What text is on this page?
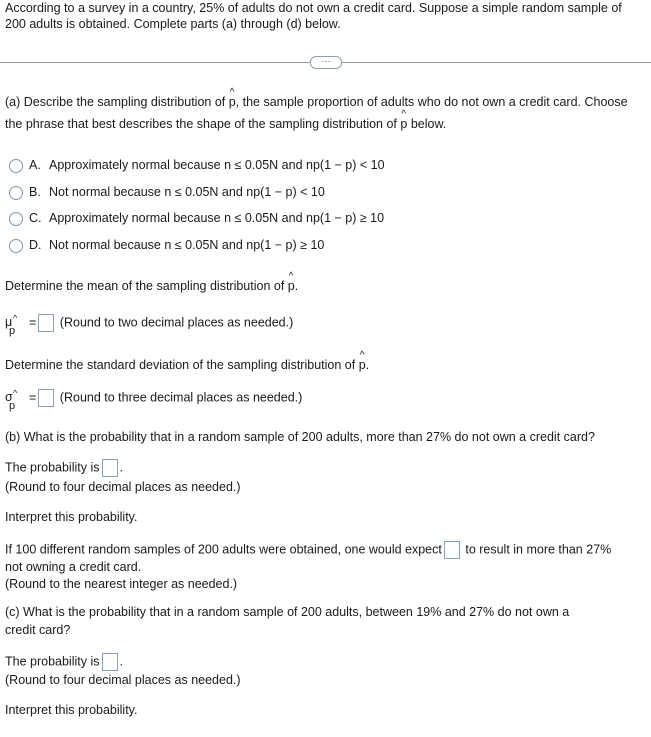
According to a survey in a country, 25% of adults do not own a credit card. Suppose a simple random sample of
200 adults is obtained. Complete parts (a) through (d) below.
···
(a) Describe the sampling distribution of ^ p, the sample proportion of adults who do not own a credit card. Choose
the phrase that best describes the shape of the sampling distribution of ^ p below.
A. Approximately normal because n ≤ 0.05N and np(1 − p) < 10
B. Not normal because n ≤ 0.05N and np(1 − p) < 10
C. Approximately normal because n ≤ 0.05N and np(1 − p) ≥ 10
D. Not normal because n ≤ 0.05N and np(1 − p) ≥ 10
Determine the mean of the sampling distribution of ^ p.
μ ^
p
= (Round to two decimal places as needed.)
Determine the standard deviation of the sampling distribution of ^ p.
σ ^
p
= (Round to three decimal places as needed.)
(b) What is the probability that in a random sample of 200 adults, more than 27% do not own a credit card?
The probability is .
(Round to four decimal places as needed.)
Interpret this probability.
If 100 different random samples of 200 adults were obtained, one would expect to result in more than 27%
not owning a credit card.
(Round to the nearest integer as needed.)
(c) What is the probability that in a random sample of 200 adults, between 19% and 27% do not own a
credit card?
The probability is .
(Round to four decimal places as needed.)
Interpret this probability.
